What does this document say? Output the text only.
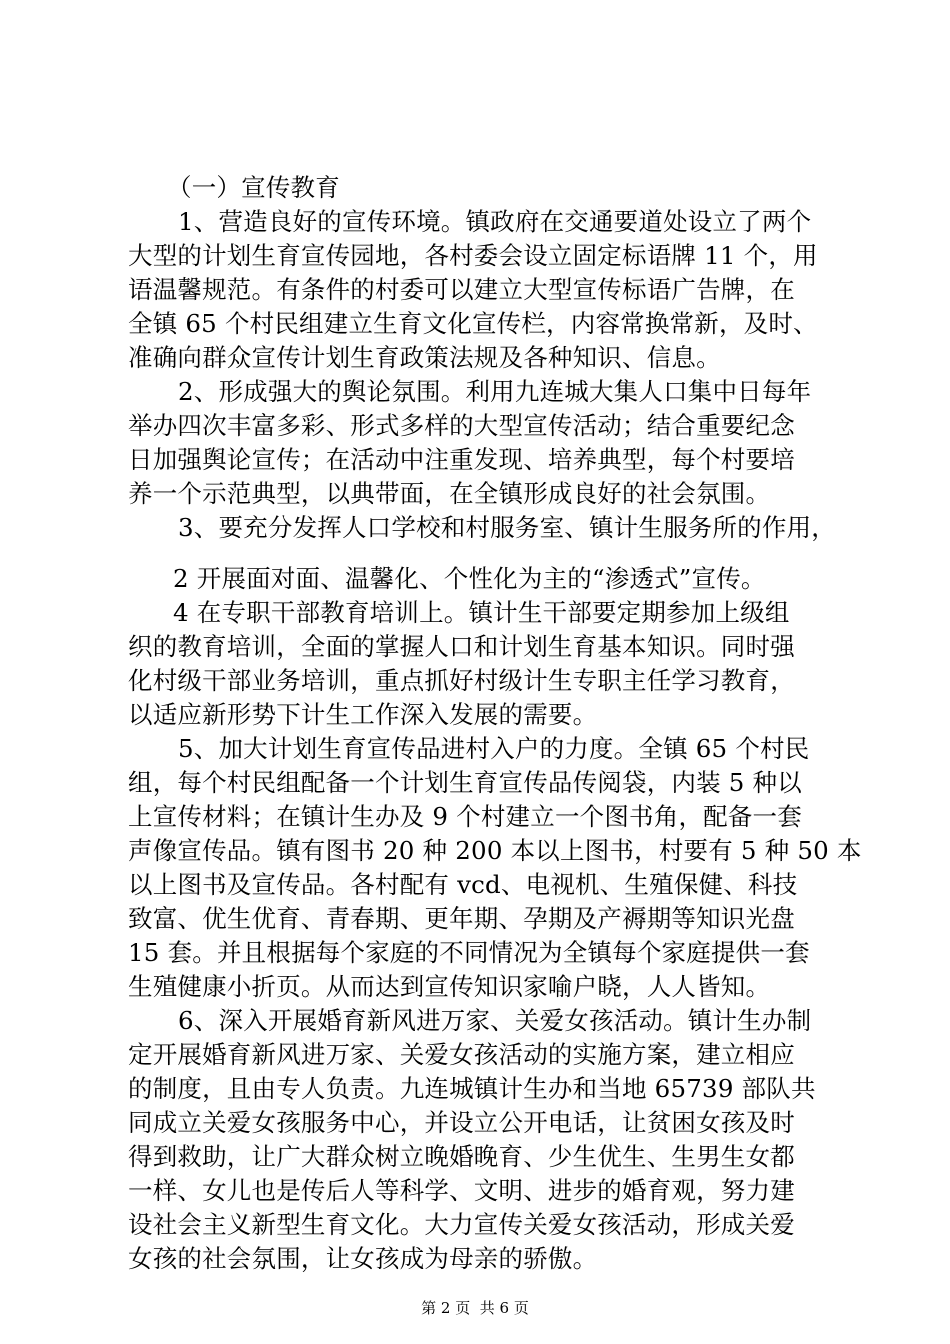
（一）宣传教育
1、营造良好的宣传环境。镇政府在交通要道处设立了两个
大型的计划生育宣传园地，各村委会设立固定标语牌 11 个，用
语温馨规范。有条件的村委可以建立大型宣传标语广告牌，在
全镇 65 个村民组建立生育文化宣传栏，内容常换常新，及时、
准确向群众宣传计划生育政策法规及各种知识、信息。
2、形成强大的舆论氛围。利用九连城大集人口集中日每年
举办四次丰富多彩、形式多样的大型宣传活动；结合重要纪念
日加强舆论宣传；在活动中注重发现、培养典型，每个村要培
养一个示范典型，以典带面，在全镇形成良好的社会氛围。
3、要充分发挥人口学校和村服务室、镇计生服务所的作用，
2 开展面对面、温馨化、个性化为主的“渗透式”宣传。
4 在专职干部教育培训上。镇计生干部要定期参加上级组
织的教育培训，全面的掌握人口和计划生育基本知识。同时强
化村级干部业务培训，重点抓好村级计生专职主任学习教育，
以适应新形势下计生工作深入发展的需要。
5、加大计划生育宣传品进村入户的力度。全镇 65 个村民
组，每个村民组配备一个计划生育宣传品传阅袋，内装 5 种以
上宣传材料；在镇计生办及 9 个村建立一个图书角，配备一套
声像宣传品。镇有图书 20 种 200 本以上图书，村要有 5 种 50 本
以上图书及宣传品。各村配有 vcd、电视机、生殖保健、科技
致富、优生优育、青春期、更年期、孕期及产褥期等知识光盘
15 套。并且根据每个家庭的不同情况为全镇每个家庭提供一套
生殖健康小折页。从而达到宣传知识家喻户晓，人人皆知。
6、深入开展婚育新风进万家、关爱女孩活动。镇计生办制
定开展婚育新风进万家、关爱女孩活动的实施方案，建立相应
的制度，且由专人负责。九连城镇计生办和当地 65739 部队共
同成立关爱女孩服务中心，并设立公开电话，让贫困女孩及时
得到救助，让广大群众树立晚婚晚育、少生优生、生男生女都
一样、女儿也是传后人等科学、文明、进步的婚育观，努力建
设社会主义新型生育文化。大力宣传关爱女孩活动，形成关爱
女孩的社会氛围，让女孩成为母亲的骄傲。
第 2 页  共 6 页
